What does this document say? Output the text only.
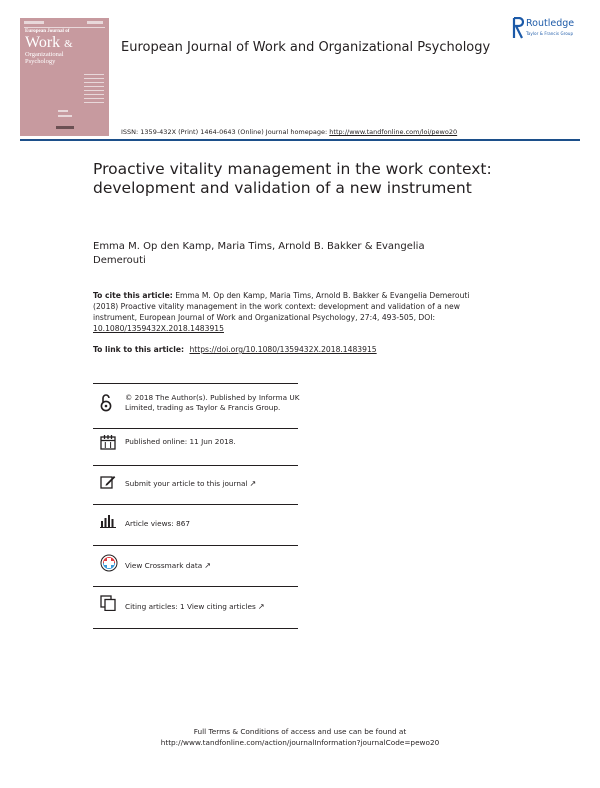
European Journal of
Work &
Organizational
Psychology
European Journal of Work and Organizational Psychology
Routledge
Taylor & Francis Group
ISSN: 1359-432X (Print) 1464-0643 (Online) Journal homepage: http://www.tandfonline.com/loi/pewo20
Proactive vitality management in the work context: development and validation of a new instrument
Emma M. Op den Kamp, Maria Tims, Arnold B. Bakker & Evangelia Demerouti
To cite this article: Emma M. Op den Kamp, Maria Tims, Arnold B. Bakker & Evangelia Demerouti (2018) Proactive vitality management in the work context: development and validation of a new instrument, European Journal of Work and Organizational Psychology, 27:4, 493-505, DOI: 10.1080/1359432X.2018.1483915
To link to this article: https://doi.org/10.1080/1359432X.2018.1483915
© 2018 The Author(s). Published by Informa UK Limited, trading as Taylor & Francis Group.
Published online: 11 Jun 2018.
Submit your article to this journal ↗
Article views: 867
View Crossmark data ↗
Citing articles: 1 View citing articles ↗
Full Terms & Conditions of access and use can be found at
http://www.tandfonline.com/action/journalInformation?journalCode=pewo20
